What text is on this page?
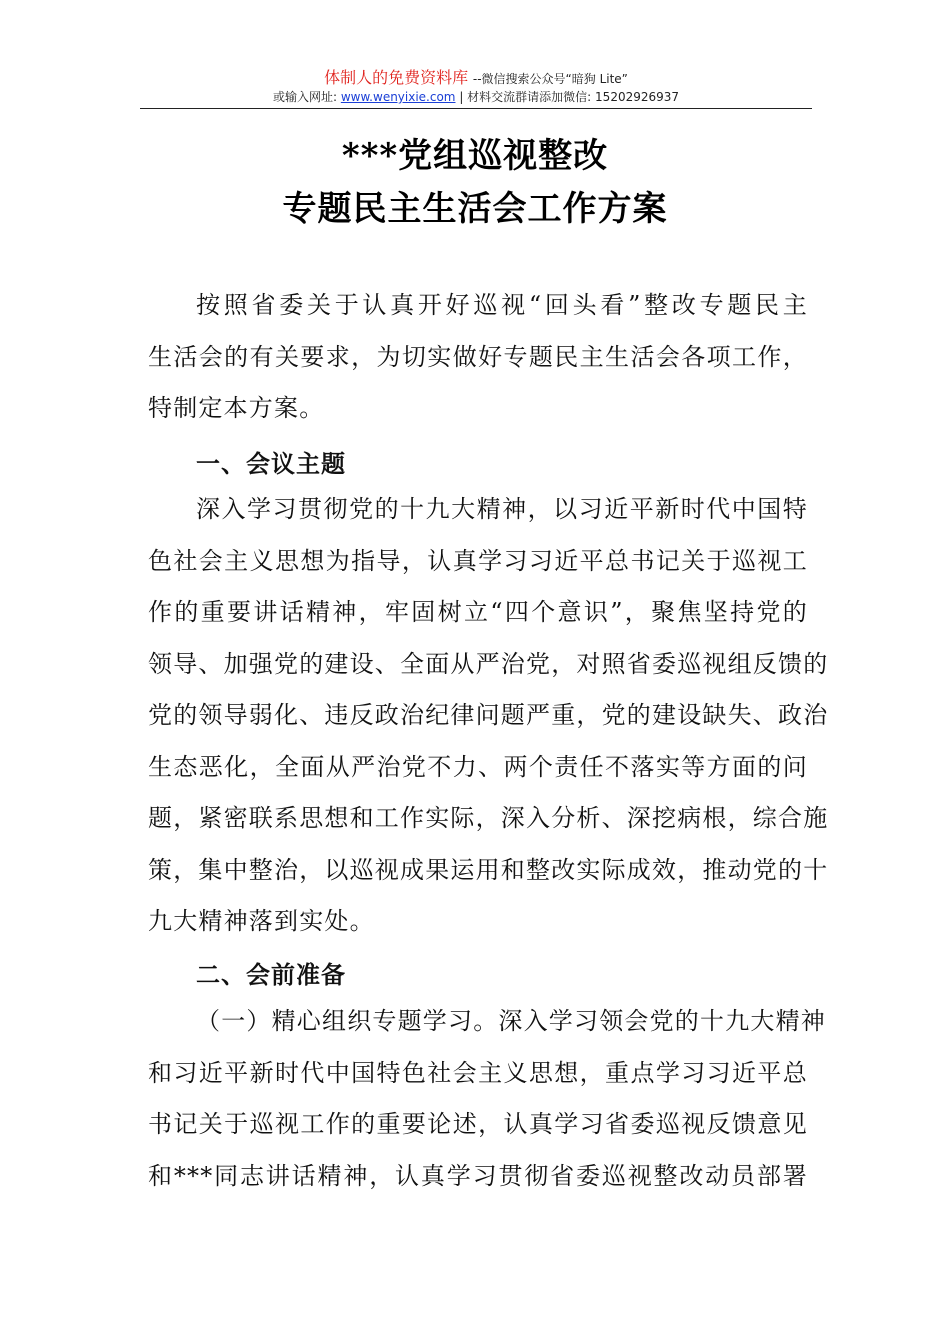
体制人的免费资料库 --微信搜索公众号“暗狗 Lite”
或输入网址: www.wenyixie.com | 材料交流群请添加微信: 15202926937
***党组巡视整改
专题民主生活会工作方案
按照省委关于认真开好巡视“回头看”整改专题民主
生活会的有关要求，为切实做好专题民主生活会各项工作，
特制定本方案。
一、会议主题
深入学习贯彻党的十九大精神，以习近平新时代中国特
色社会主义思想为指导，认真学习习近平总书记关于巡视工
作的重要讲话精神，牢固树立“四个意识”，聚焦坚持党的
领导、加强党的建设、全面从严治党，对照省委巡视组反馈的
党的领导弱化、违反政治纪律问题严重，党的建设缺失、政治
生态恶化，全面从严治党不力、两个责任不落实等方面的问
题，紧密联系思想和工作实际，深入分析、深挖病根，综合施
策，集中整治，以巡视成果运用和整改实际成效，推动党的十
九大精神落到实处。
二、会前准备
（一）精心组织专题学习。深入学习领会党的十九大精神
和习近平新时代中国特色社会主义思想，重点学习习近平总
书记关于巡视工作的重要论述，认真学习省委巡视反馈意见
和***同志讲话精神，认真学习贯彻省委巡视整改动员部署
